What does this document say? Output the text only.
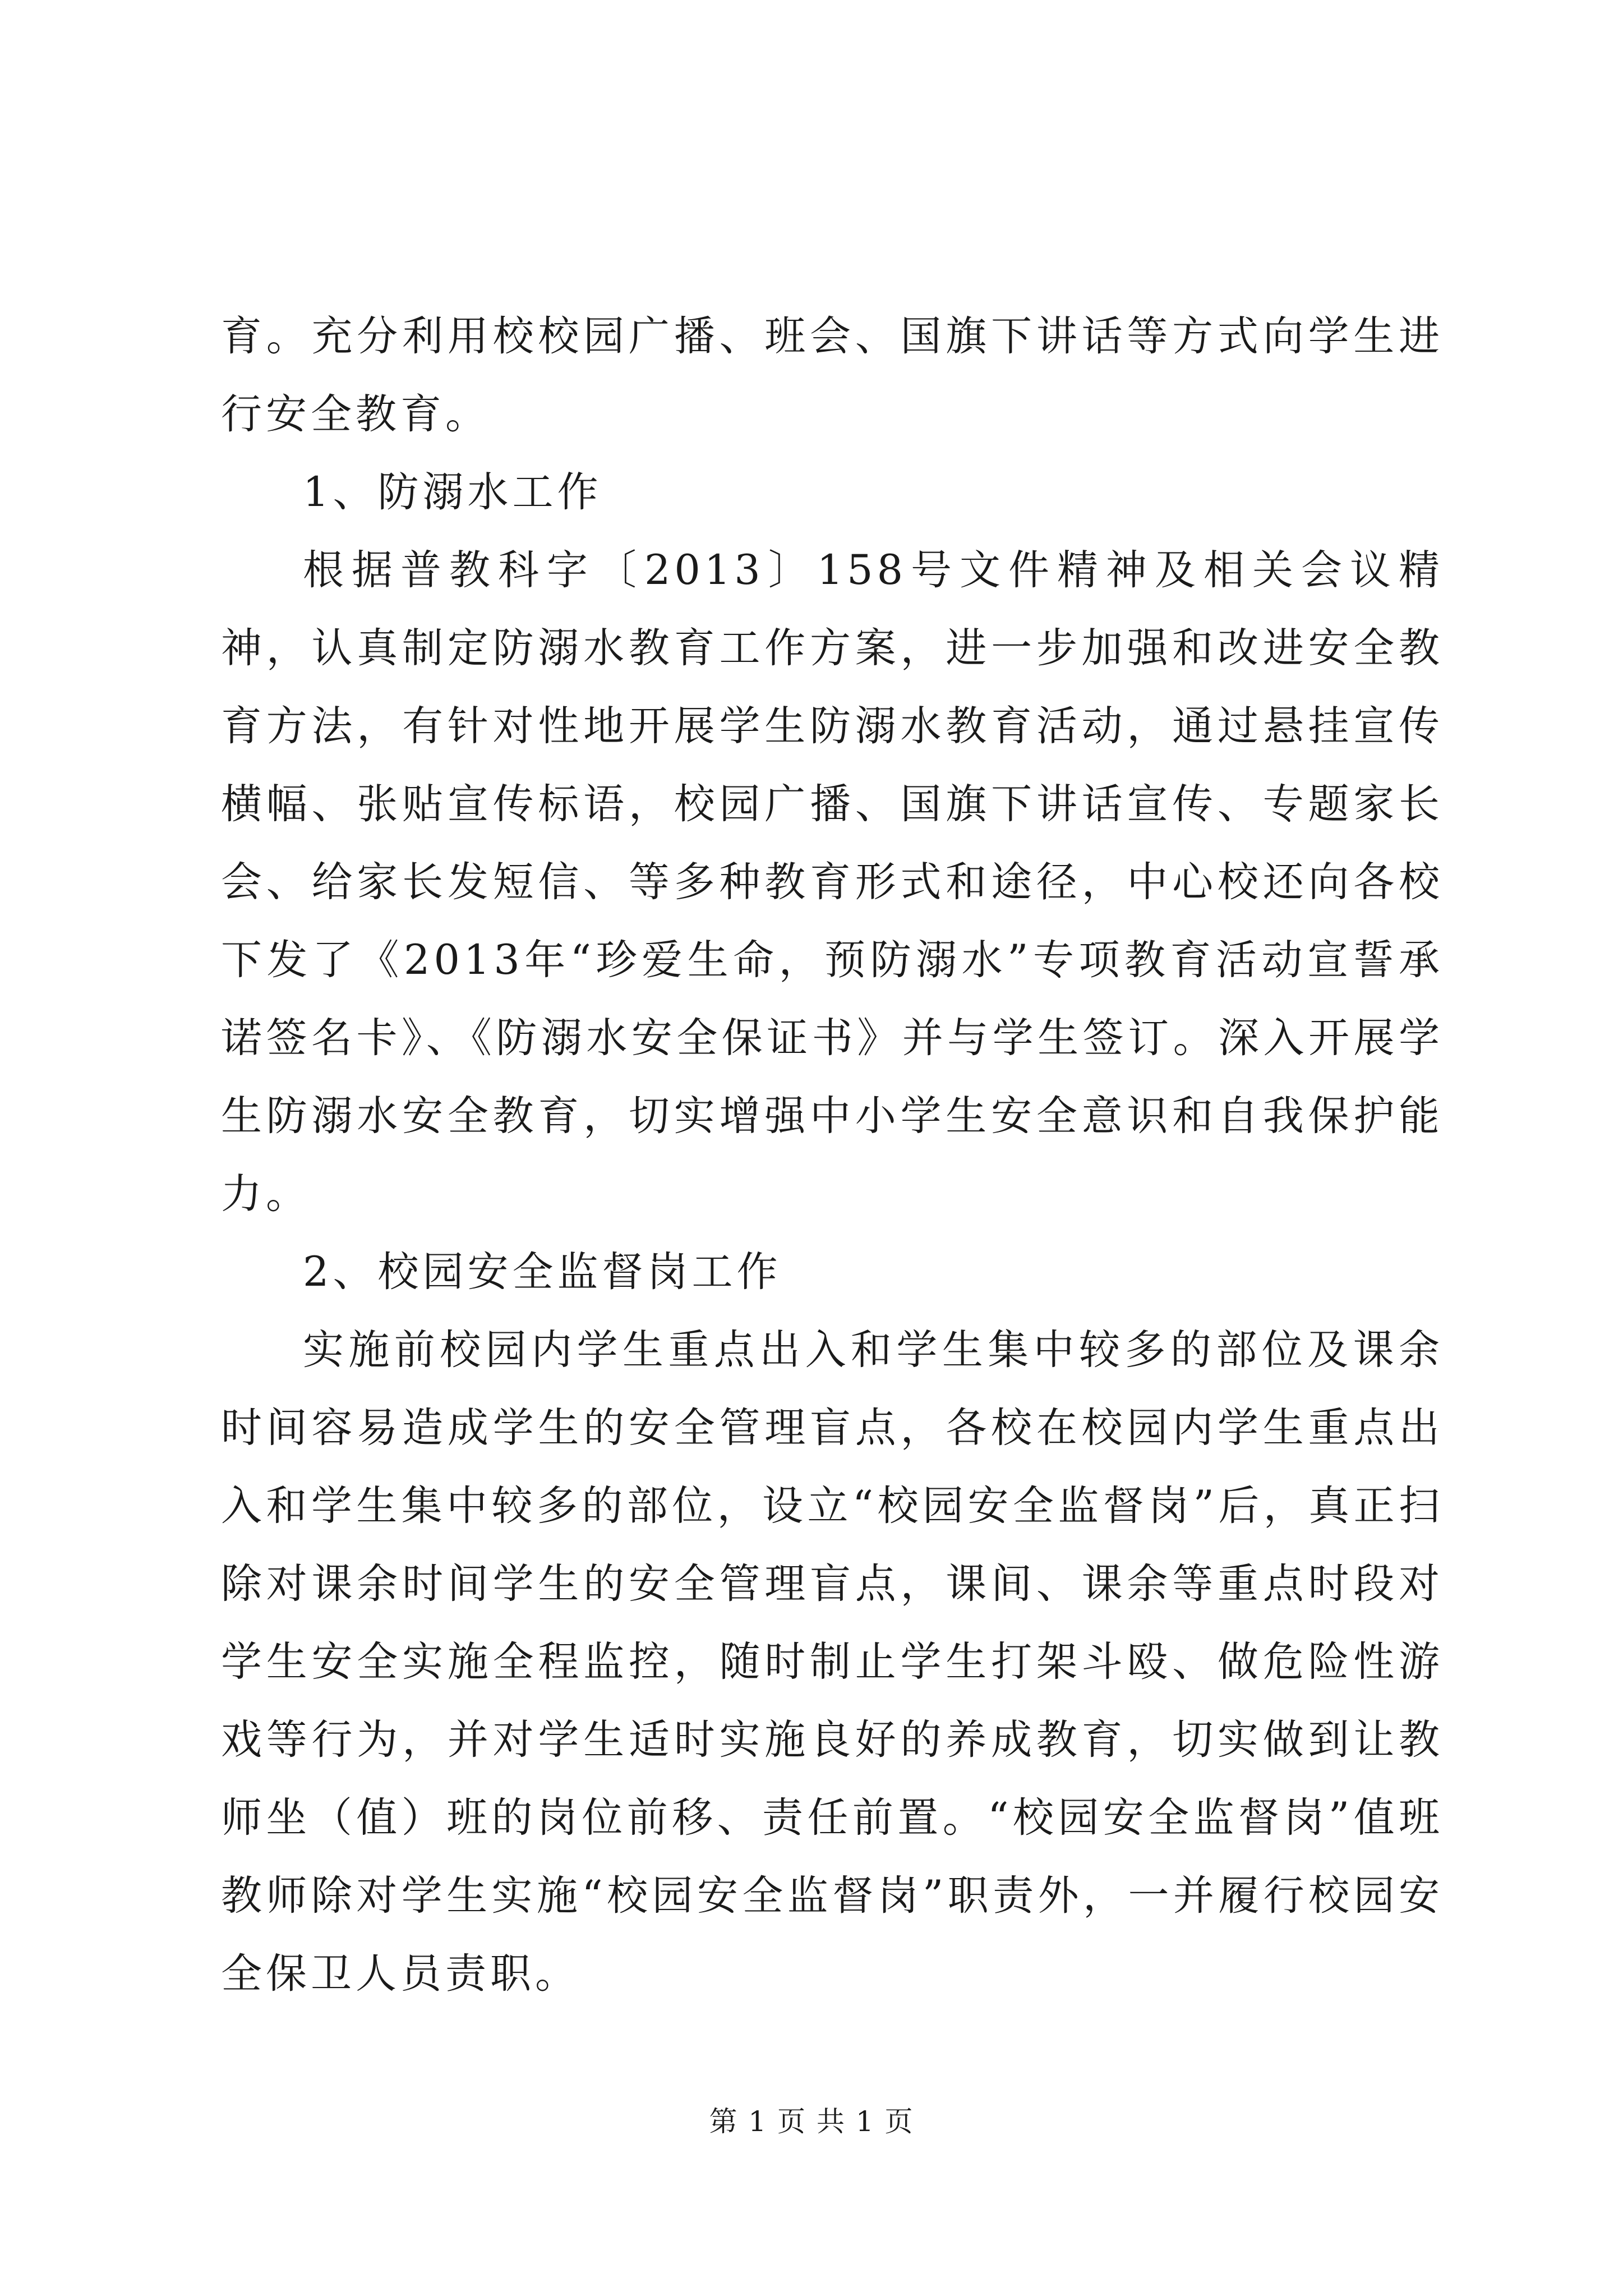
育。充分利用校校园广播、班会、国旗下讲话等方式向学生进行安全教育。

1、防溺水工作

根据普教科字〔2013〕158号文件精神及相关会议精神，认真制定防溺水教育工作方案，进一步加强和改进安全教育方法，有针对性地开展学生防溺水教育活动，通过悬挂宣传横幅、张贴宣传标语，校园广播、国旗下讲话宣传、专题家长会、给家长发短信、等多种教育形式和途径，中心校还向各校下发了《2013年“珍爱生命，预防溺水”专项教育活动宣誓承诺签名卡》、《防溺水安全保证书》并与学生签订。深入开展学生防溺水安全教育，切实增强中小学生安全意识和自我保护能力。

2、校园安全监督岗工作

实施前校园内学生重点出入和学生集中较多的部位及课余时间容易造成学生的安全管理盲点，各校在校园内学生重点出入和学生集中较多的部位，设立“校园安全监督岗”后，真正扫除对课余时间学生的安全管理盲点，课间、课余等重点时段对学生安全实施全程监控，随时制止学生打架斗殴、做危险性游戏等行为，并对学生适时实施良好的养成教育，切实做到让教师坐（值）班的岗位前移、责任前置。“校园安全监督岗”值班教师除对学生实施“校园安全监督岗”职责外，一并履行校园安全保卫人员责职。

第 1 页 共 1 页
